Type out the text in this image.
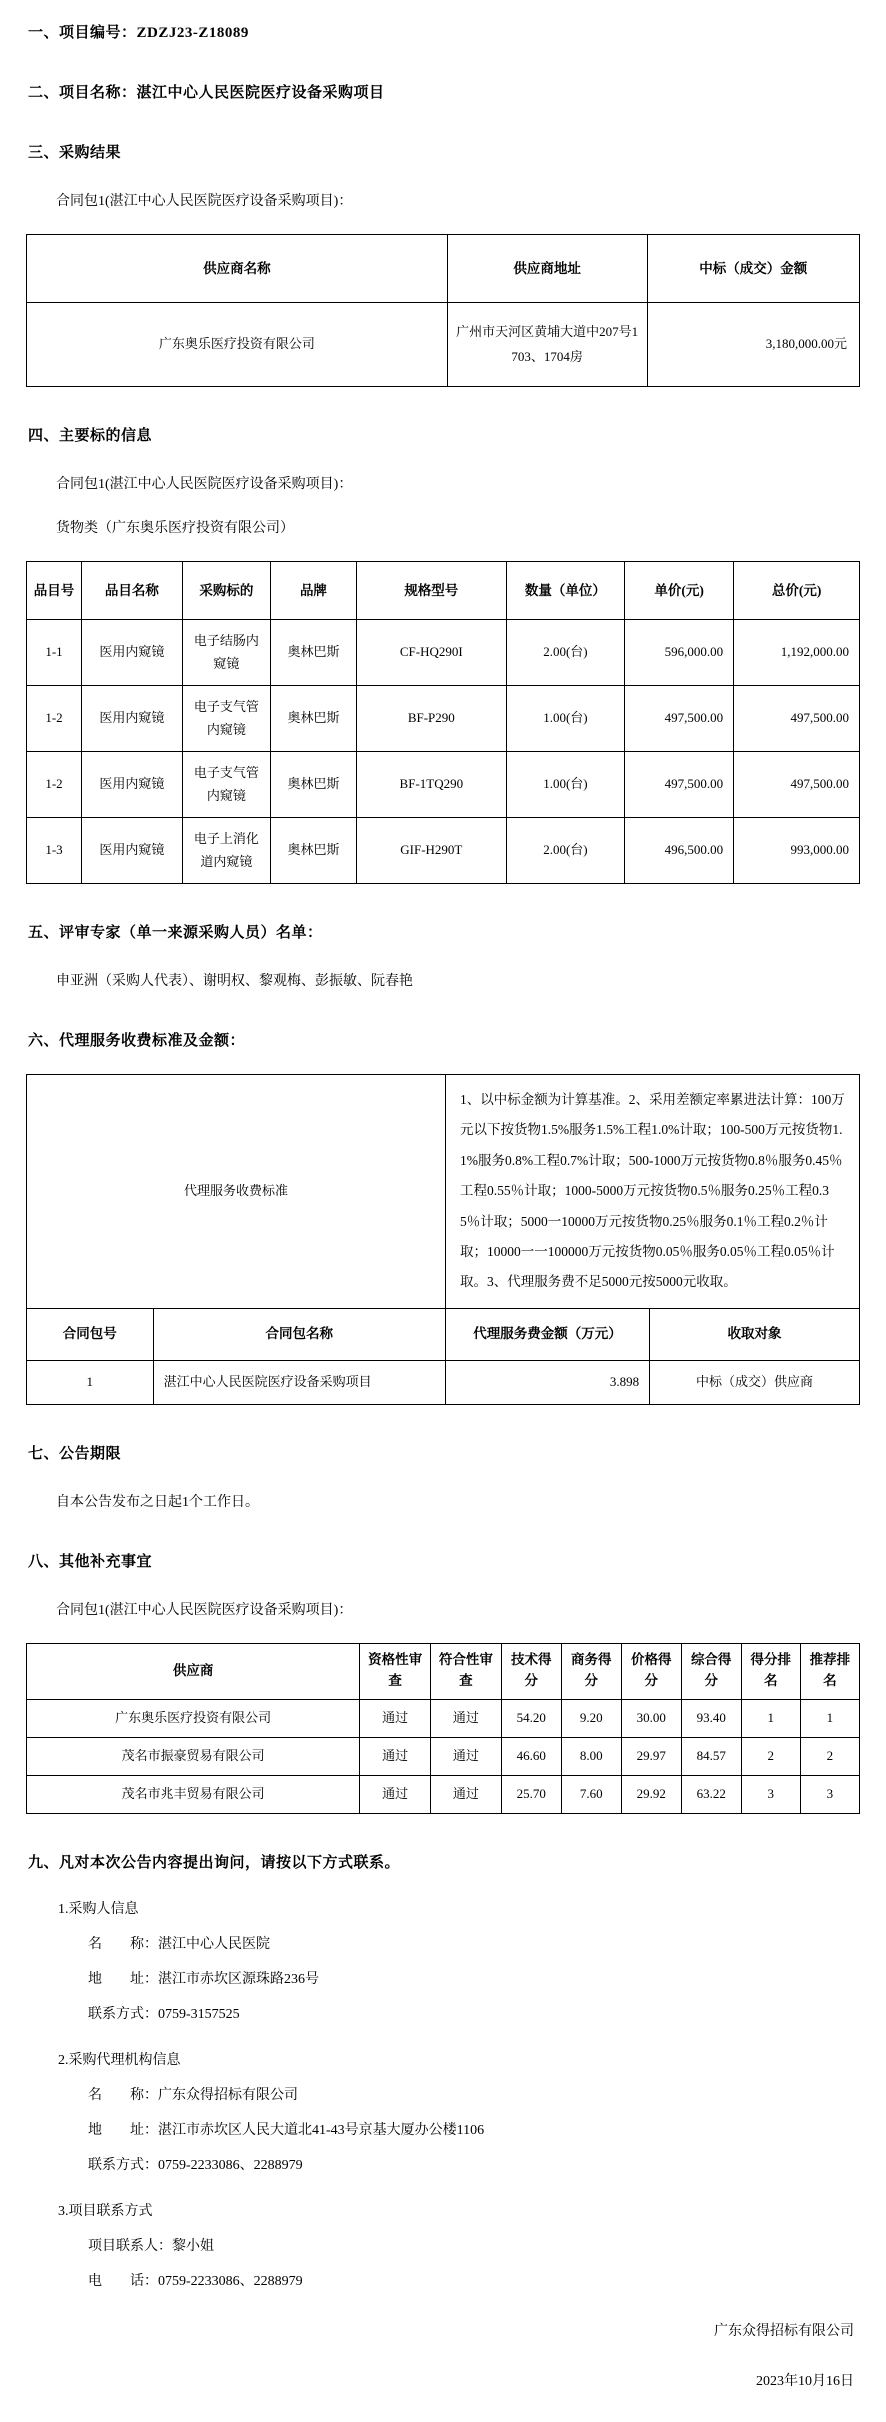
一、项目编号：ZDZJ23-Z18089
二、项目名称：湛江中心人民医院医疗设备采购项目
三、采购结果
合同包1(湛江中心人民医院医疗设备采购项目)：
供应商名称	供应商地址	中标（成交）金额
广东奥乐医疗投资有限公司	广州市天河区黄埔大道中207号1703、1704房	3,180,000.00元
四、主要标的信息
合同包1(湛江中心人民医院医疗设备采购项目)：
货物类（广东奥乐医疗投资有限公司）
品目号	品目名称	采购标的	品牌	规格型号	数量（单位）	单价(元)	总价(元)
1-1	医用内窥镜	电子结肠内窥镜	奥林巴斯	CF-HQ290I	2.00(台)	596,000.00	1,192,000.00
1-2	医用内窥镜	电子支气管内窥镜	奥林巴斯	BF-P290	1.00(台)	497,500.00	497,500.00
1-2	医用内窥镜	电子支气管内窥镜	奥林巴斯	BF-1TQ290	1.00(台)	497,500.00	497,500.00
1-3	医用内窥镜	电子上消化道内窥镜	奥林巴斯	GIF-H290T	2.00(台)	496,500.00	993,000.00
五、评审专家（单一来源采购人员）名单：
申亚洲（采购人代表）、谢明权、黎观梅、彭振敏、阮春艳
六、代理服务收费标准及金额：
代理服务收费标准		1、以中标金额为计算基准。2、采用差额定率累进法计算：100万元以下按货物1.5%服务1.5%工程1.0%计取；100-500万元按货物1.1%服务0.8%工程0.7%计取；500-1000万元按货物0.8％服务0.45％工程0.55％计取；1000-5000万元按货物0.5％服务0.25％工程0.35％计取；5000一10000万元按货物0.25％服务0.1％工程0.2％计取；10000一一100000万元按货物0.05％服务0.05％工程0.05％计取。3、代理服务费不足5000元按5000元收取。	
合同包号	合同包名称	代理服务费金额（万元）	收取对象
1	湛江中心人民医院医疗设备采购项目	3.898	中标（成交）供应商
七、公告期限
自本公告发布之日起1个工作日。
八、其他补充事宜
合同包1(湛江中心人民医院医疗设备采购项目)：
供应商	资格性审查	符合性审查	技术得分	商务得分	价格得分	综合得分	得分排名	推荐排名
广东奥乐医疗投资有限公司	通过	通过	54.20	9.20	30.00	93.40	1	1
茂名市振豪贸易有限公司	通过	通过	46.60	8.00	29.97	84.57	2	2
茂名市兆丰贸易有限公司	通过	通过	25.70	7.60	29.92	63.22	3	3
九、凡对本次公告内容提出询问，请按以下方式联系。
1.采购人信息
名　　称：湛江中心人民医院
地　　址：湛江市赤坎区源珠路236号
联系方式：0759-3157525
2.采购代理机构信息
名　　称：广东众得招标有限公司
地　　址：湛江市赤坎区人民大道北41-43号京基大厦办公楼1106
联系方式：0759-2233086、2288979
3.项目联系方式
项目联系人：黎小姐
电　　话：0759-2233086、2288979
广东众得招标有限公司
2023年10月16日
